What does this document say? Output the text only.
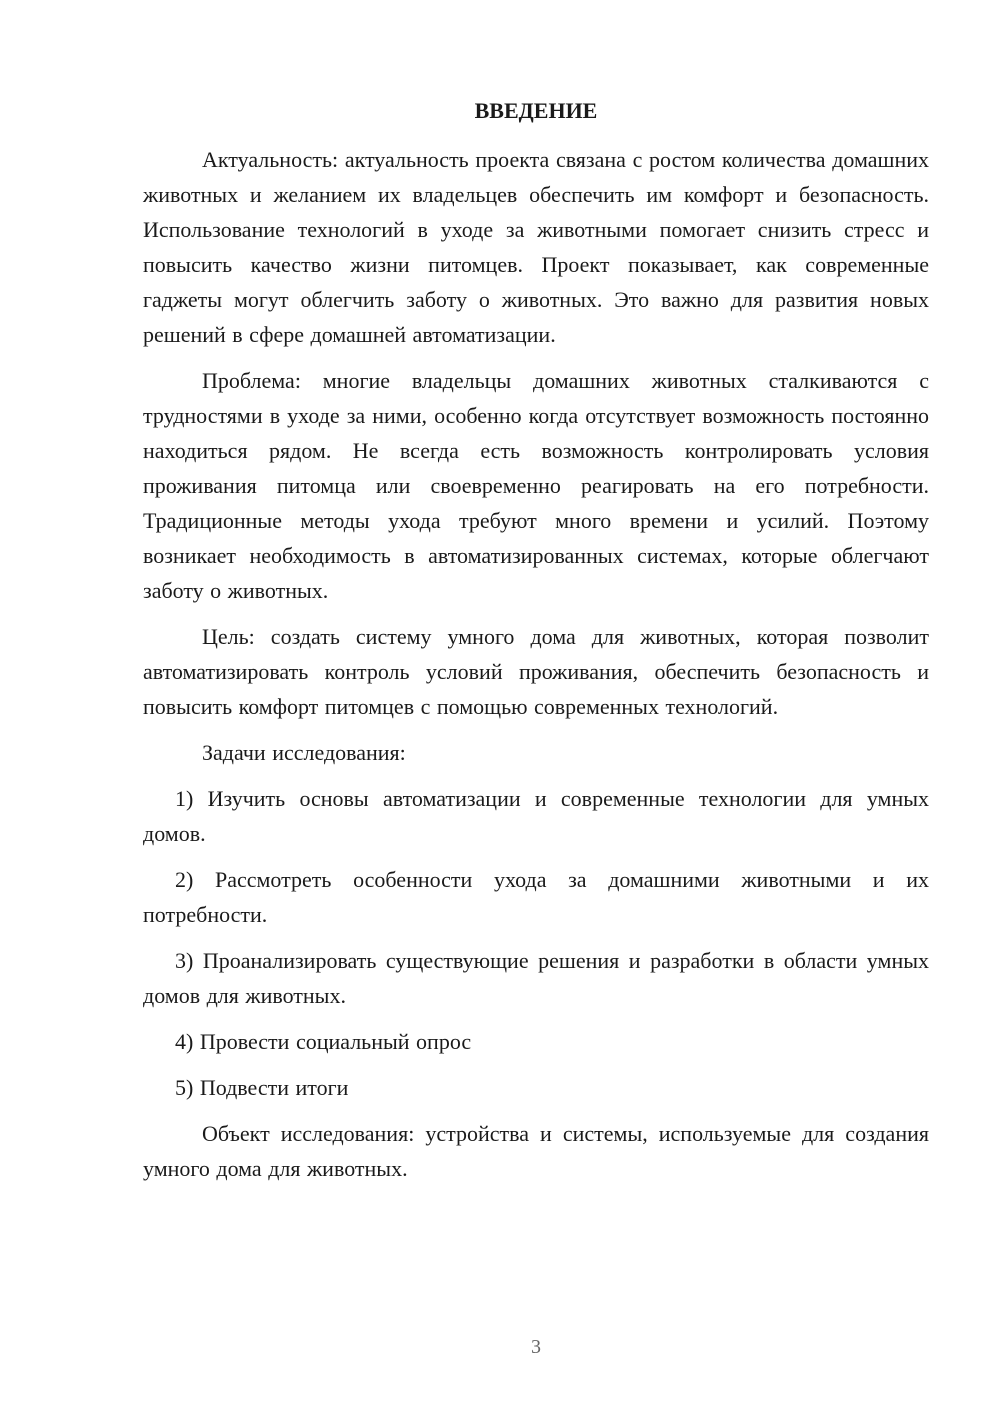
ВВЕДЕНИЕ

Актуальность: актуальность проекта связана с ростом количества домашних животных и желанием их владельцев обеспечить им комфорт и безопасность. Использование технологий в уходе за животными помогает снизить стресс и повысить качество жизни питомцев. Проект показывает, как современные гаджеты могут облегчить заботу о животных. Это важно для развития новых решений в сфере домашней автоматизации.

Проблема: многие владельцы домашних животных сталкиваются с трудностями в уходе за ними, особенно когда отсутствует возможность постоянно находиться рядом. Не всегда есть возможность контролировать условия проживания питомца или своевременно реагировать на его потребности. Традиционные методы ухода требуют много времени и усилий. Поэтому возникает необходимость в автоматизированных системах, которые облегчают заботу о животных.

Цель: создать систему умного дома для животных, которая позволит автоматизировать контроль условий проживания, обеспечить безопасность и повысить комфорт питомцев с помощью современных технологий.

Задачи исследования:

1) Изучить основы автоматизации и современные технологии для умных домов.

2) Рассмотреть особенности ухода за домашними животными и их потребности.

3) Проанализировать существующие решения и разработки в области умных домов для животных.

4) Провести социальный опрос

5) Подвести итоги

Объект исследования: устройства и системы, используемые для создания умного дома для животных.

3
